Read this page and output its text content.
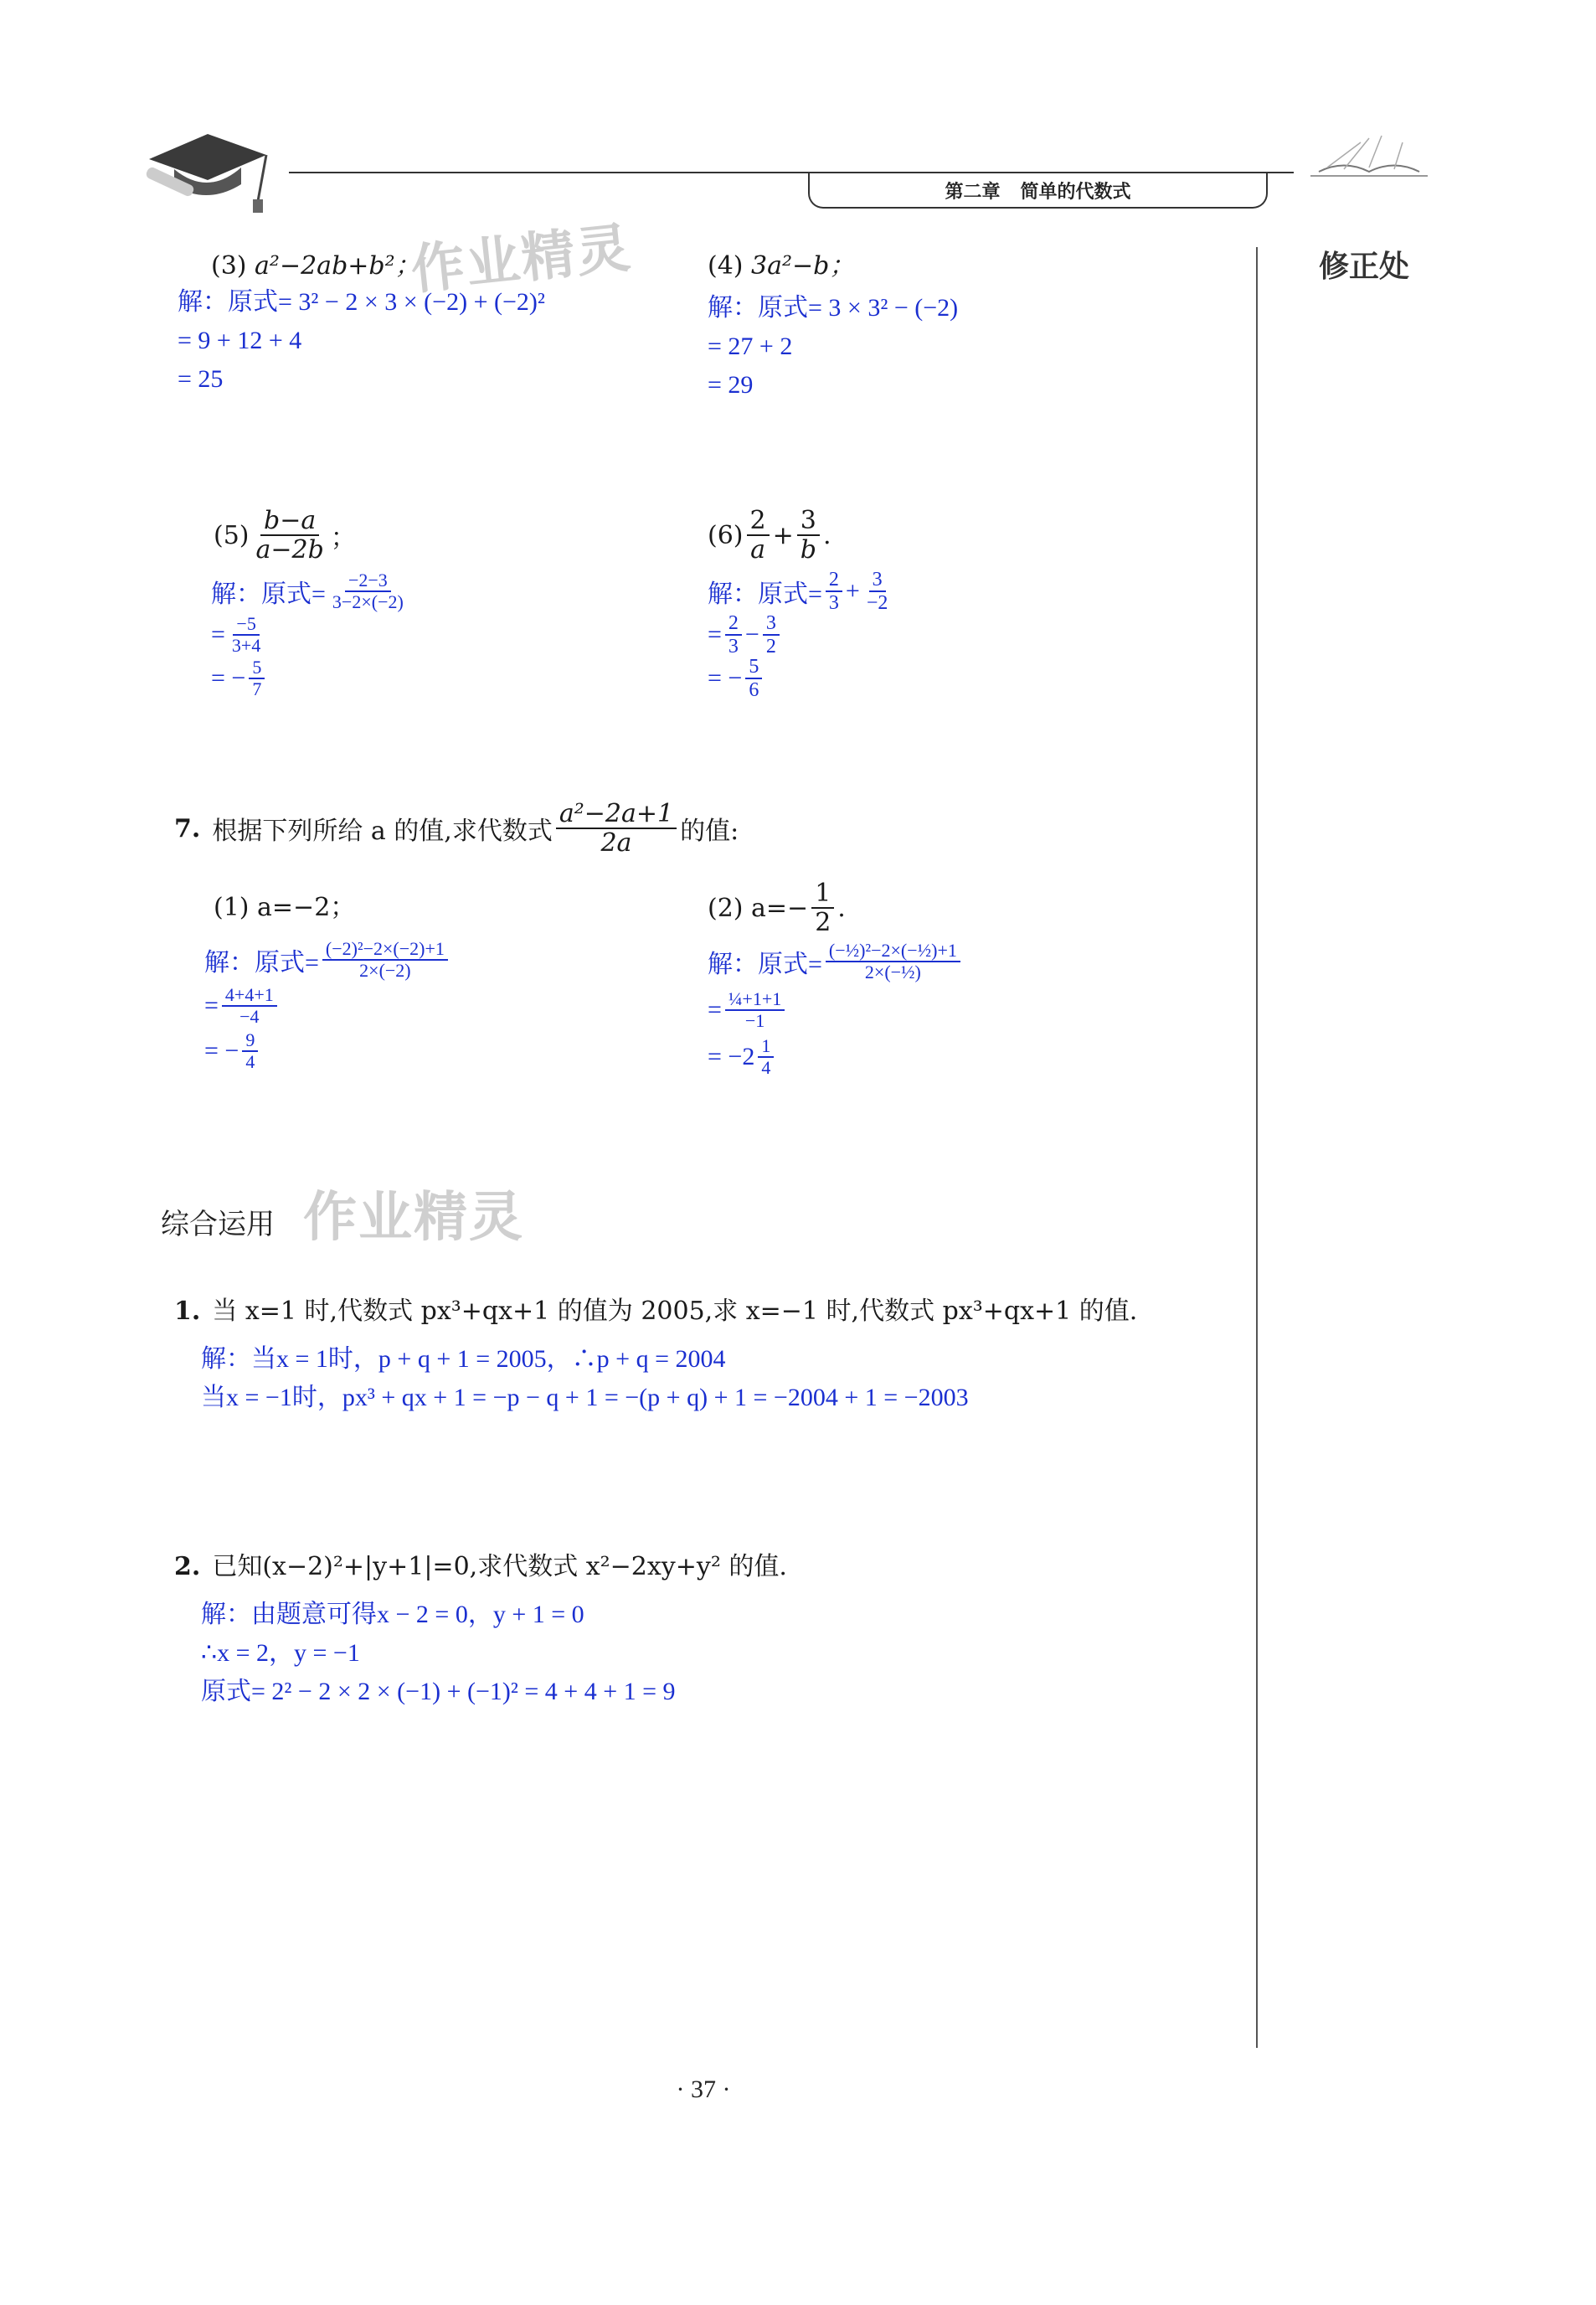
第二章 简单的代数式
作业精灵	修正处
(3) a²−2ab+b²；
解：原式= 3² − 2 × 3 × (−2) + (−2)²
= 9 + 12 + 4
= 25
(4) 3a²−b；
解：原式= 3 × 3² − (−2)
= 27 + 2
= 29
$(5) \frac{b-a}{a-2b}$ ；
解：原式= $\frac{-2-3}{3-2\times(-2)}$
= $\frac{-5}{3+4}$
= − $\frac{5}{7}$
$(6) \frac{2}{a} + \frac{3}{b}$ .
解：原式= $\frac{2}{3} + \frac{3}{-2}$
= $\frac{2}{3} - \frac{3}{2}$
= − $\frac{5}{6}$
7. 根据下列所给 a 的值,求代数式 $\frac{\text{a²−2a+1}}{2a}$ 的值:
(1) a=−2；
解：原式= $\frac{\text{(−2)²−2×(−2)+1}}{2\times(-2)}$
= $\frac{4+4+1}{-4}$
= − $\frac{9}{4}$
(2) $a=- \frac{1}{2}$ .
解：原式= $\frac{\text{(−½)²−2×(−½)+1}}{\text{2×(−½)}}$
= $\frac{\text{¼+1+1}}{-1}$
= $-2 \frac{1}{4}$
综合运用 作业精灵
1. 当 x=1 时,代数式 px³+qx+1 的值为 2005,求 x=−1 时,代数式 px³+qx+1 的值.
解：当x = 1时，p + q + 1 = 2005，∴p + q = 2004
当x = −1时，px³ + qx + 1 = −p − q + 1 = −(p + q) + 1 = −2004 + 1 = −2003
2. 已知(x−2)²+|y+1|=0,求代数式 x²−2xy+y² 的值.
解：由题意可得x − 2 = 0，y + 1 = 0
∴x = 2，y = −1
原式= 2² − 2 × 2 × (−1) + (−1)² = 4 + 4 + 1 = 9
· 37 ·
